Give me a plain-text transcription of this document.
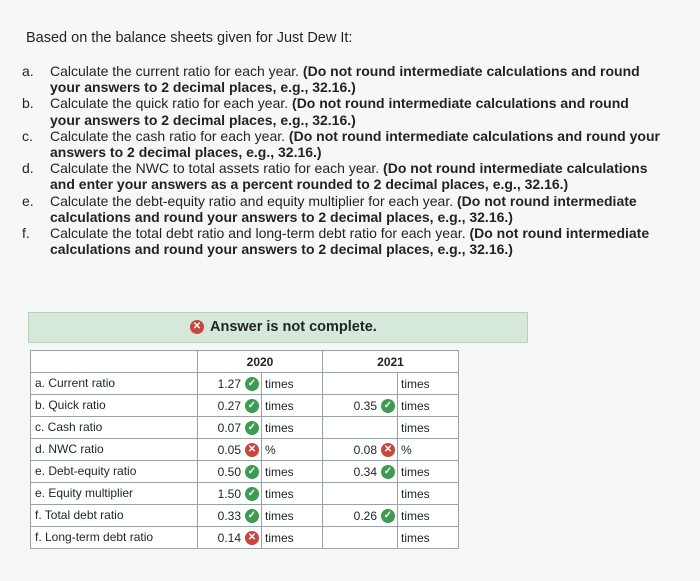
Based on the balance sheets given for Just Dew It:
a. Calculate the current ratio for each year. (Do not round intermediate calculations and round your answers to 2 decimal places, e.g., 32.16.)
b. Calculate the quick ratio for each year. (Do not round intermediate calculations and round your answers to 2 decimal places, e.g., 32.16.)
c. Calculate the cash ratio for each year. (Do not round intermediate calculations and round your answers to 2 decimal places, e.g., 32.16.)
d. Calculate the NWC to total assets ratio for each year. (Do not round intermediate calculations and enter your answers as a percent rounded to 2 decimal places, e.g., 32.16.)
e. Calculate the debt-equity ratio and equity multiplier for each year. (Do not round intermediate calculations and round your answers to 2 decimal places, e.g., 32.16.)
f. Calculate the total debt ratio and long-term debt ratio for each year. (Do not round intermediate calculations and round your answers to 2 decimal places, e.g., 32.16.)
✕ Answer is not complete.
	2020		2021	
a. Current ratio	1.27 ✓	times		times
b. Quick ratio	0.27 ✓	times	0.35 ✓	times
c. Cash ratio	0.07 ✓	times		times
d. NWC ratio	0.05 ✕	%	0.08 ✕	%
e. Debt-equity ratio	0.50 ✓	times	0.34 ✓	times
e. Equity multiplier	1.50 ✓	times		times
f. Total debt ratio	0.33 ✓	times	0.26 ✓	times
f. Long-term debt ratio	0.14 ✕	times		times
